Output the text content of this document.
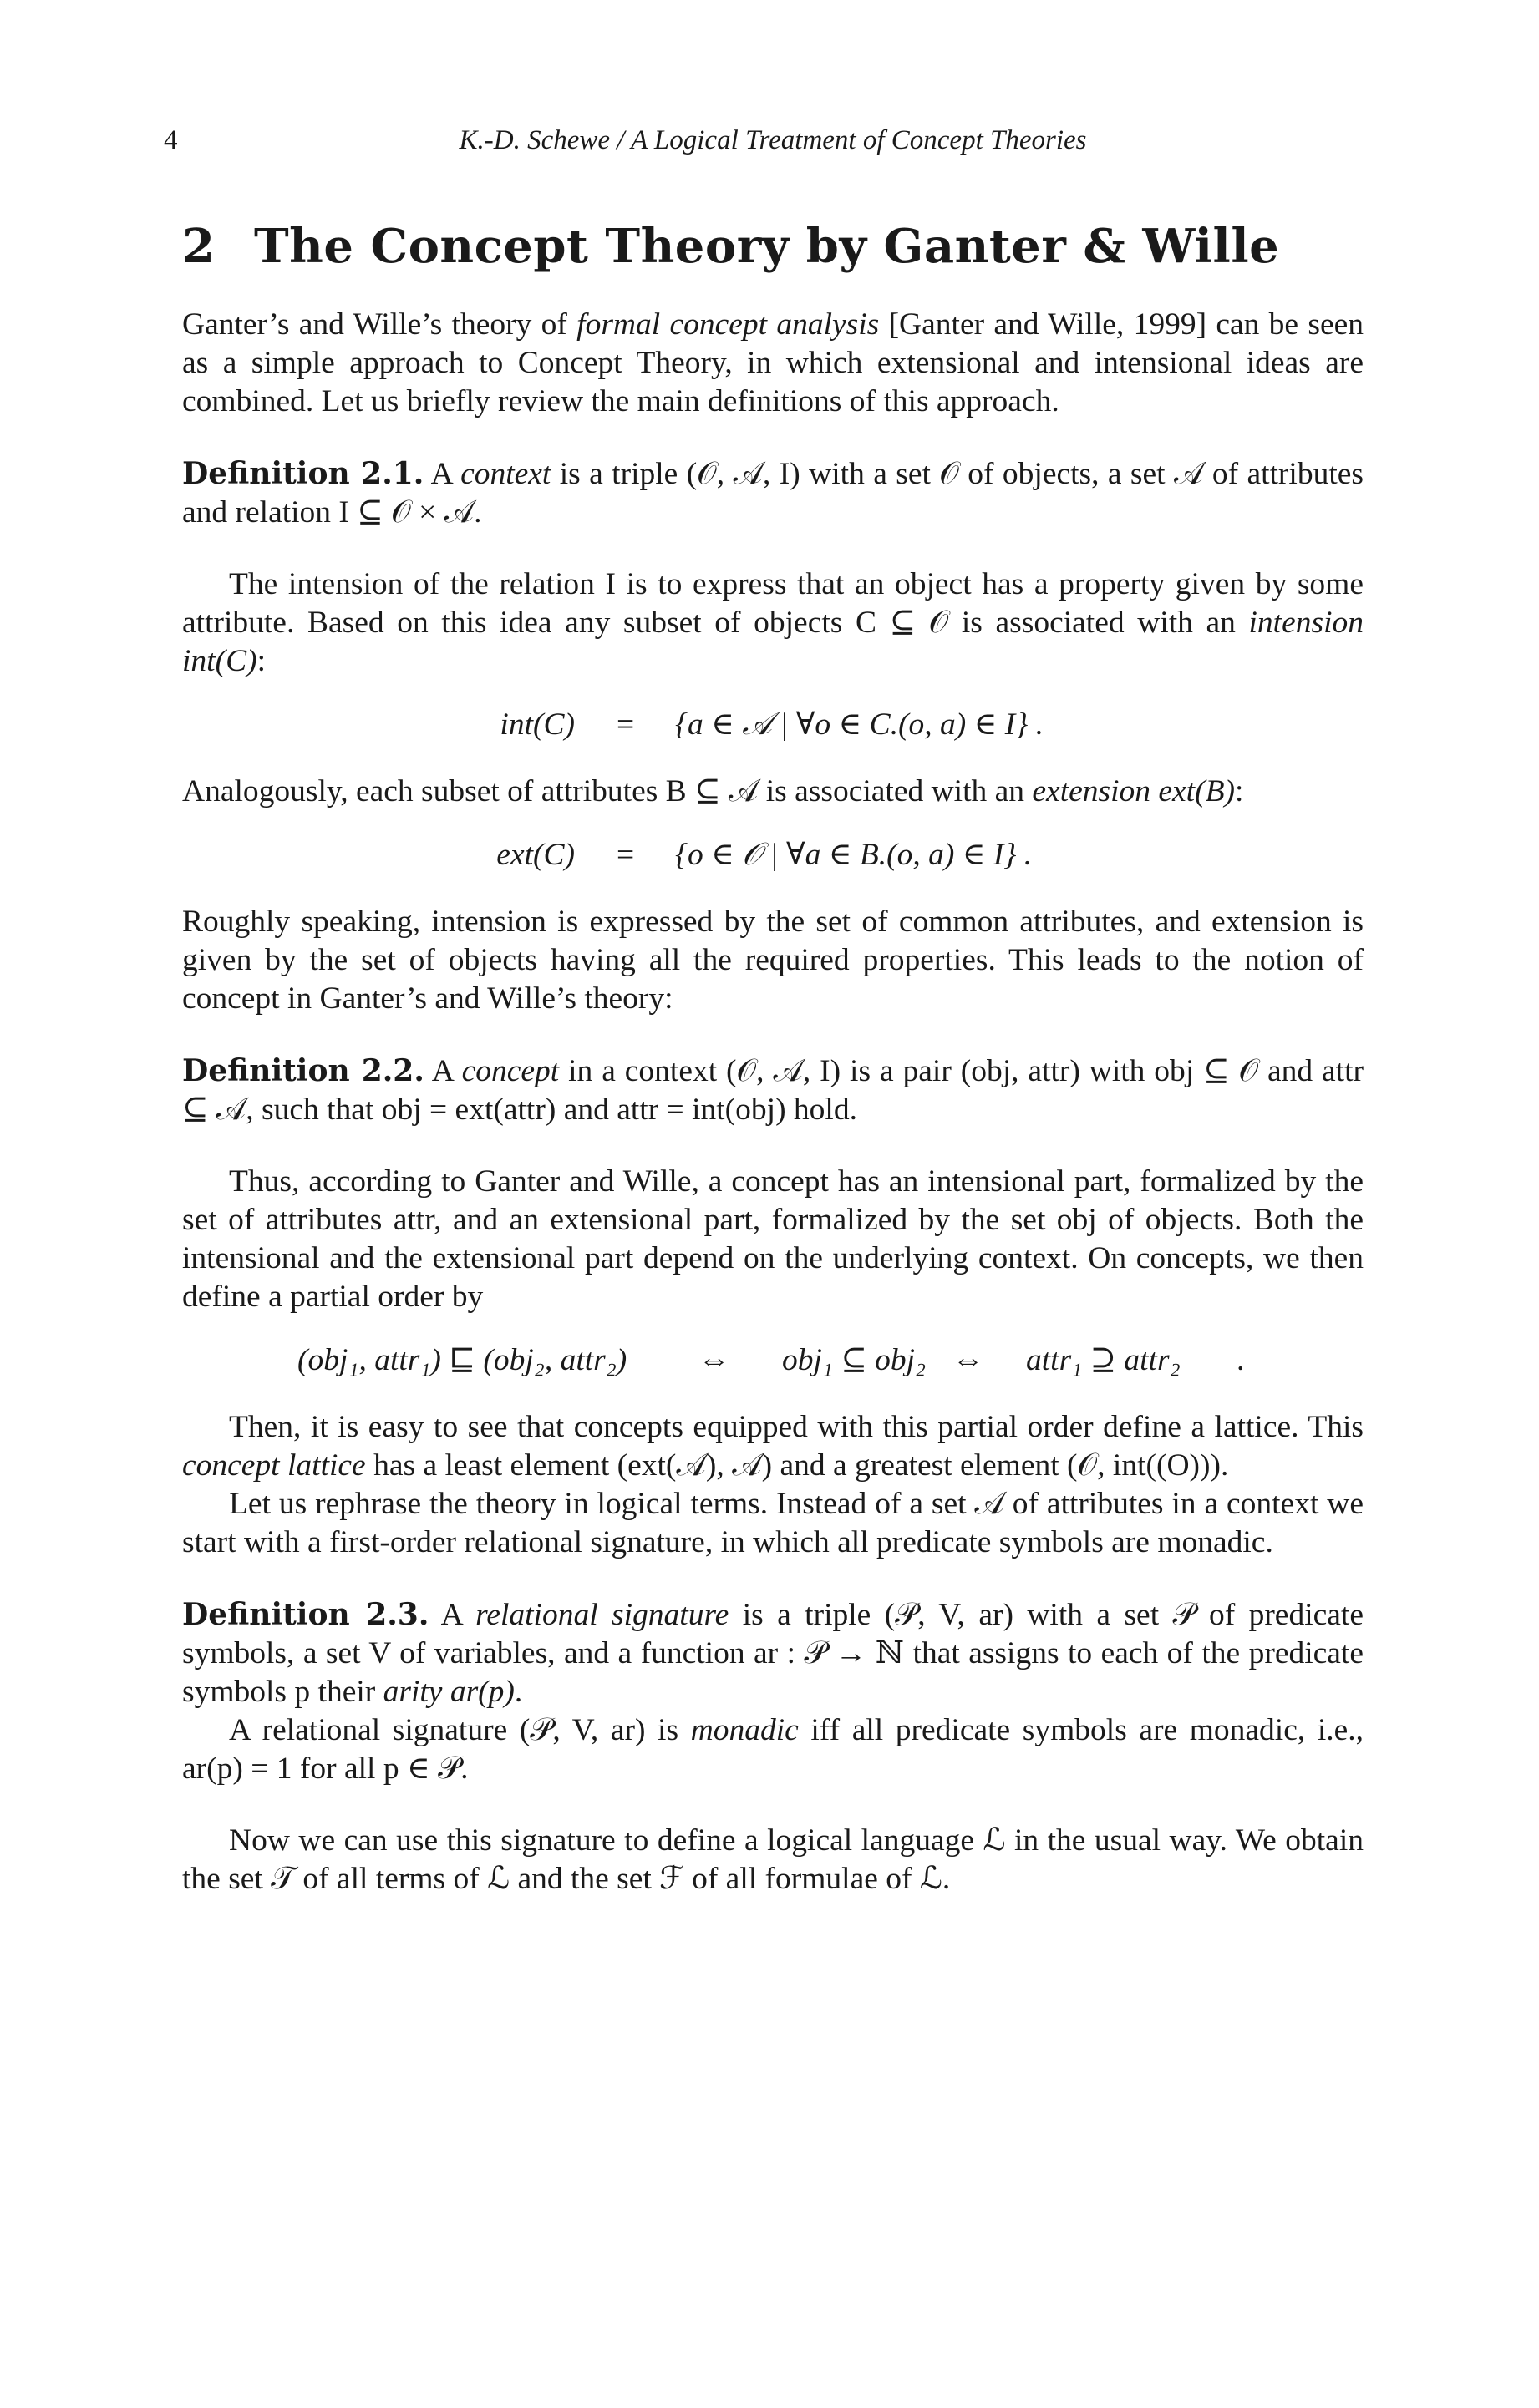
4	K.-D. Schewe / A Logical Treatment of Concept Theories
2 The Concept Theory by Ganter & Wille

Ganter’s and Wille’s theory of formal concept analysis [Ganter and Wille, 1999] can be seen as a simple approach to Concept Theory, in which extensional and intensional ideas are combined. Let us briefly review the main definitions of this approach.

Definition 2.1. A context is a triple (𝒪, 𝒜, I) with a set 𝒪 of objects, a set 𝒜 of attributes and relation I ⊆ 𝒪 × 𝒜.

The intension of the relation I is to express that an object has a property given by some attribute. Based on this idea any subset of objects C ⊆ 𝒪 is associated with an intension int(C):

int(C) = {a ∈ 𝒜 | ∀o ∈ C.(o, a) ∈ I} .

Analogously, each subset of attributes B ⊆ 𝒜 is associated with an extension ext(B):

ext(C) = {o ∈ 𝒪 | ∀a ∈ B.(o, a) ∈ I} .

Roughly speaking, intension is expressed by the set of common attributes, and extension is given by the set of objects having all the required properties. This leads to the notion of concept in Ganter’s and Wille’s theory:

Definition 2.2. A concept in a context (𝒪, 𝒜, I) is a pair (obj, attr) with obj ⊆ 𝒪 and attr ⊆ 𝒜, such that obj = ext(attr) and attr = int(obj) hold.

Thus, according to Ganter and Wille, a concept has an intensional part, formalized by the set of attributes attr, and an extensional part, formalized by the set obj of objects. Both the intensional and the extensional part depend on the underlying context. On concepts, we then define a partial order by

(obj₁, attr₁) ⊑ (obj₂, attr₂) ⇔ obj₁ ⊆ obj₂ ⇔ attr₁ ⊇ attr₂ .

Then, it is easy to see that concepts equipped with this partial order define a lattice. This concept lattice has a least element (ext(𝒜), 𝒜) and a greatest element (𝒪, int((O))).

Let us rephrase the theory in logical terms. Instead of a set 𝒜 of attributes in a context we start with a first-order relational signature, in which all predicate symbols are monadic.

Definition 2.3. A relational signature is a triple (𝒫, V, ar) with a set 𝒫 of predicate symbols, a set V of variables, and a function ar : 𝒫 → ℕ that assigns to each of the predicate symbols p their arity ar(p).

A relational signature (𝒫, V, ar) is monadic iff all predicate symbols are monadic, i.e., ar(p) = 1 for all p ∈ 𝒫.

Now we can use this signature to define a logical language ℒ in the usual way. We obtain the set 𝒯 of all terms of ℒ and the set ℱ of all formulae of ℒ.
